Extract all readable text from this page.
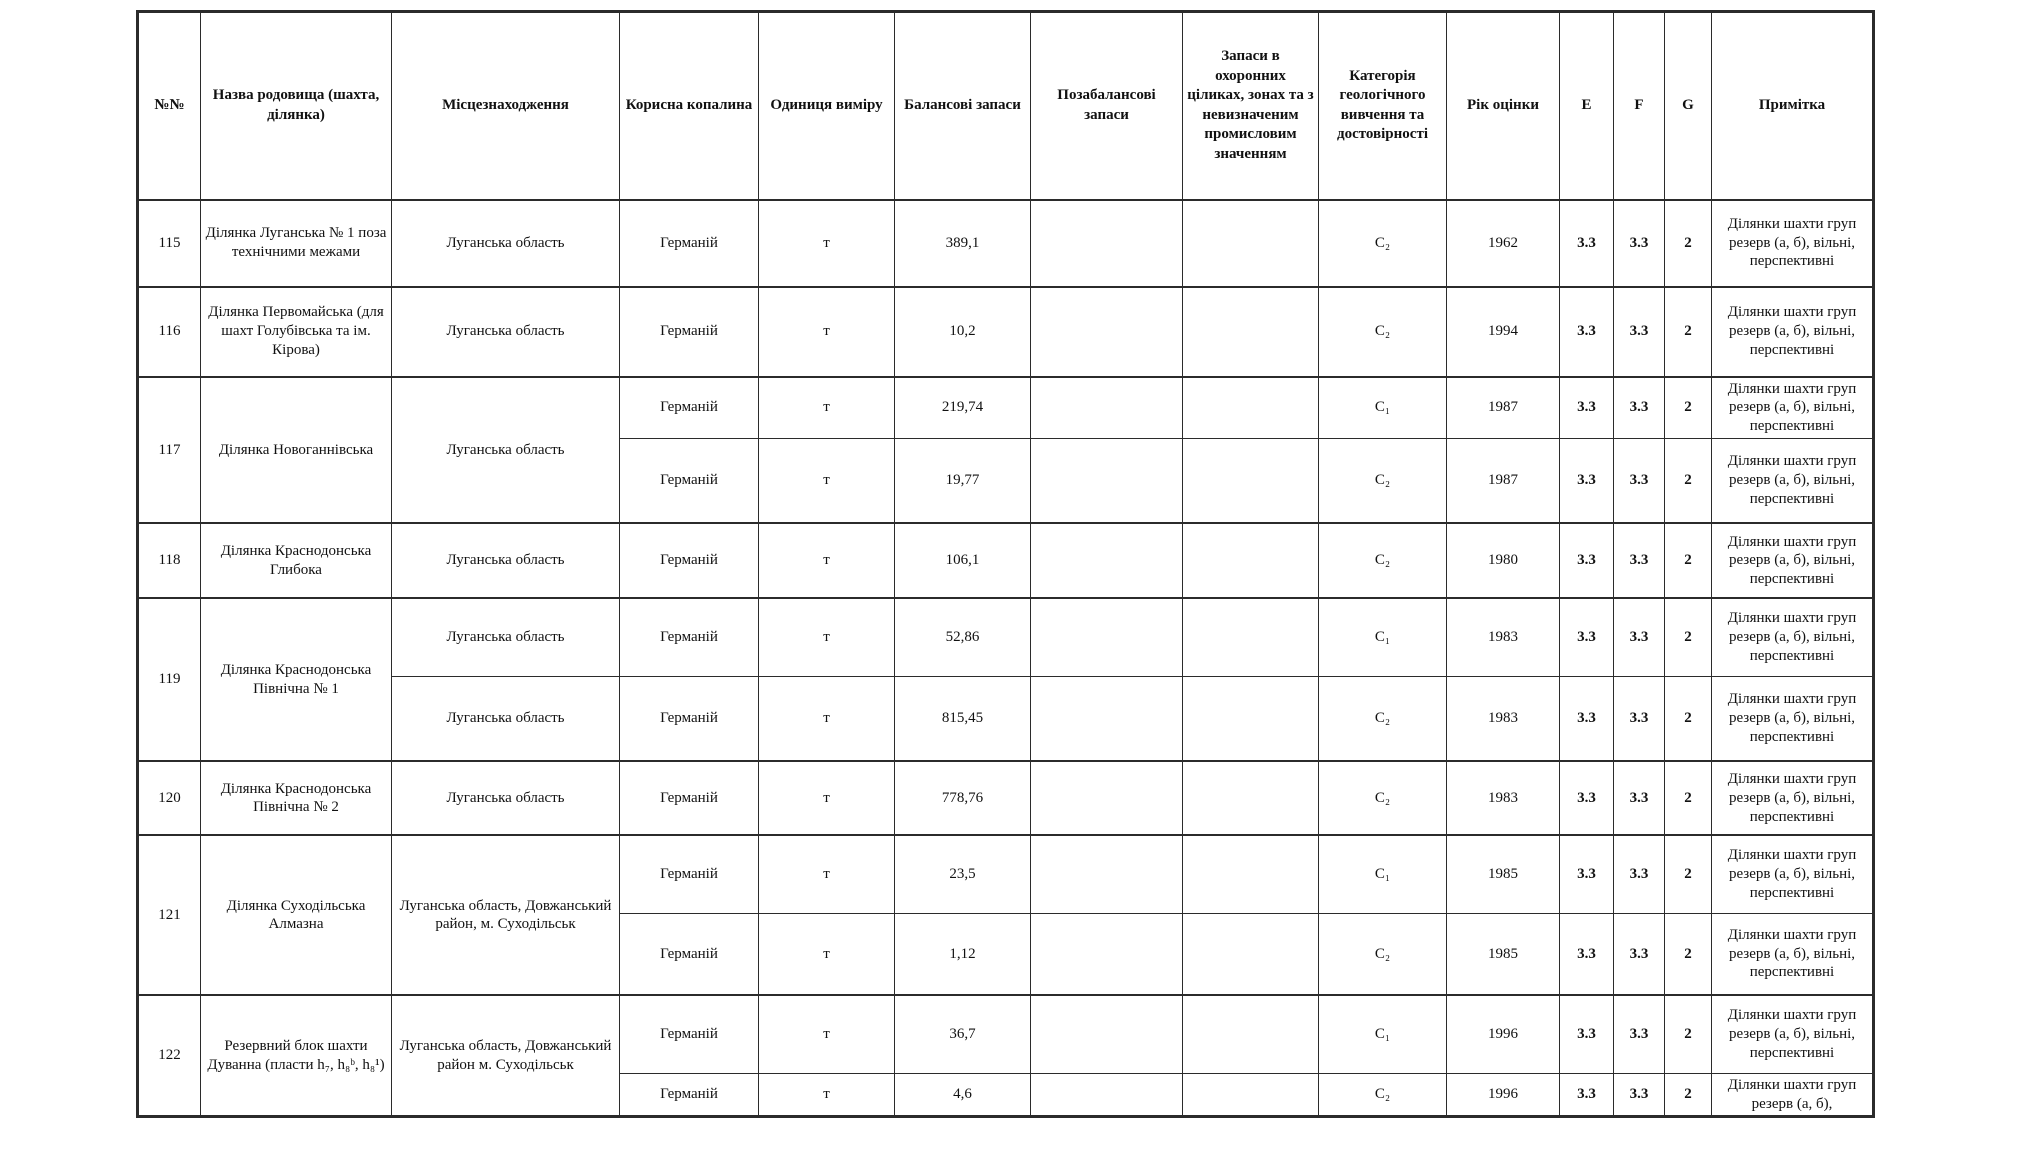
№№	Назва родовища (шахта, ділянка)	Місцезнаходження	Корисна копалина	Одиниця виміру	Балансові запаси	Позабалансові запаси	Запаси в охоронних ціликах, зонах та з невизначеним промисловим значенням	Категорія геологічного вивчення та достовірності	Рік оцінки	E	F	G	Примітка
115	Ділянка Луганська № 1 поза технічними межами	Луганська область	Германій	т	389,1			С₂	1962	3.3	3.3	2	Ділянки шахти груп резерв (а, б), вільні, перспективні
116	Ділянка Первомайська (для шахт Голубівська та ім. Кірова)	Луганська область	Германій	т	10,2			С₂	1994	3.3	3.3	2	Ділянки шахти груп резерв (а, б), вільні, перспективні
117	Ділянка Новоганнівська	Луганська область	Германій	т	219,74			С₁	1987	3.3	3.3	2	Ділянки шахти груп резерв (а, б), вільні, перспективні
			Германій	т	19,77			С₂	1987	3.3	3.3	2	Ділянки шахти груп резерв (а, б), вільні, перспективні
118	Ділянка Краснодонська Глибока	Луганська область	Германій	т	106,1			С₂	1980	3.3	3.3	2	Ділянки шахти груп резерв (а, б), вільні, перспективні
119	Ділянка Краснодонська Північна № 1	Луганська область	Германій	т	52,86			С₁	1983	3.3	3.3	2	Ділянки шахти груп резерв (а, б), вільні, перспективні
		Луганська область	Германій	т	815,45			С₂	1983	3.3	3.3	2	Ділянки шахти груп резерв (а, б), вільні, перспективні
120	Ділянка Краснодонська Північна № 2	Луганська область	Германій	т	778,76			С₂	1983	3.3	3.3	2	Ділянки шахти груп резерв (а, б), вільні, перспективні
121	Ділянка Суходільська Алмазна	Луганська область, Довжанський район, м. Суходільськ	Германій	т	23,5			С₁	1985	3.3	3.3	2	Ділянки шахти груп резерв (а, б), вільні, перспективні
			Германій	т	1,12			С₂	1985	3.3	3.3	2	Ділянки шахти груп резерв (а, б), вільні, перспективні
122	Резервний блок шахти Дуванна (пласти h₇, h₈ᵇ, h₈¹)	Луганська область, Довжанський район м. Суходільськ	Германій	т	36,7			С₁	1996	3.3	3.3	2	Ділянки шахти груп резерв (а, б), вільні, перспективні
			Германій	т	4,6			С₂	1996	3.3	3.3	2	Ділянки шахти груп резерв (а, б),
